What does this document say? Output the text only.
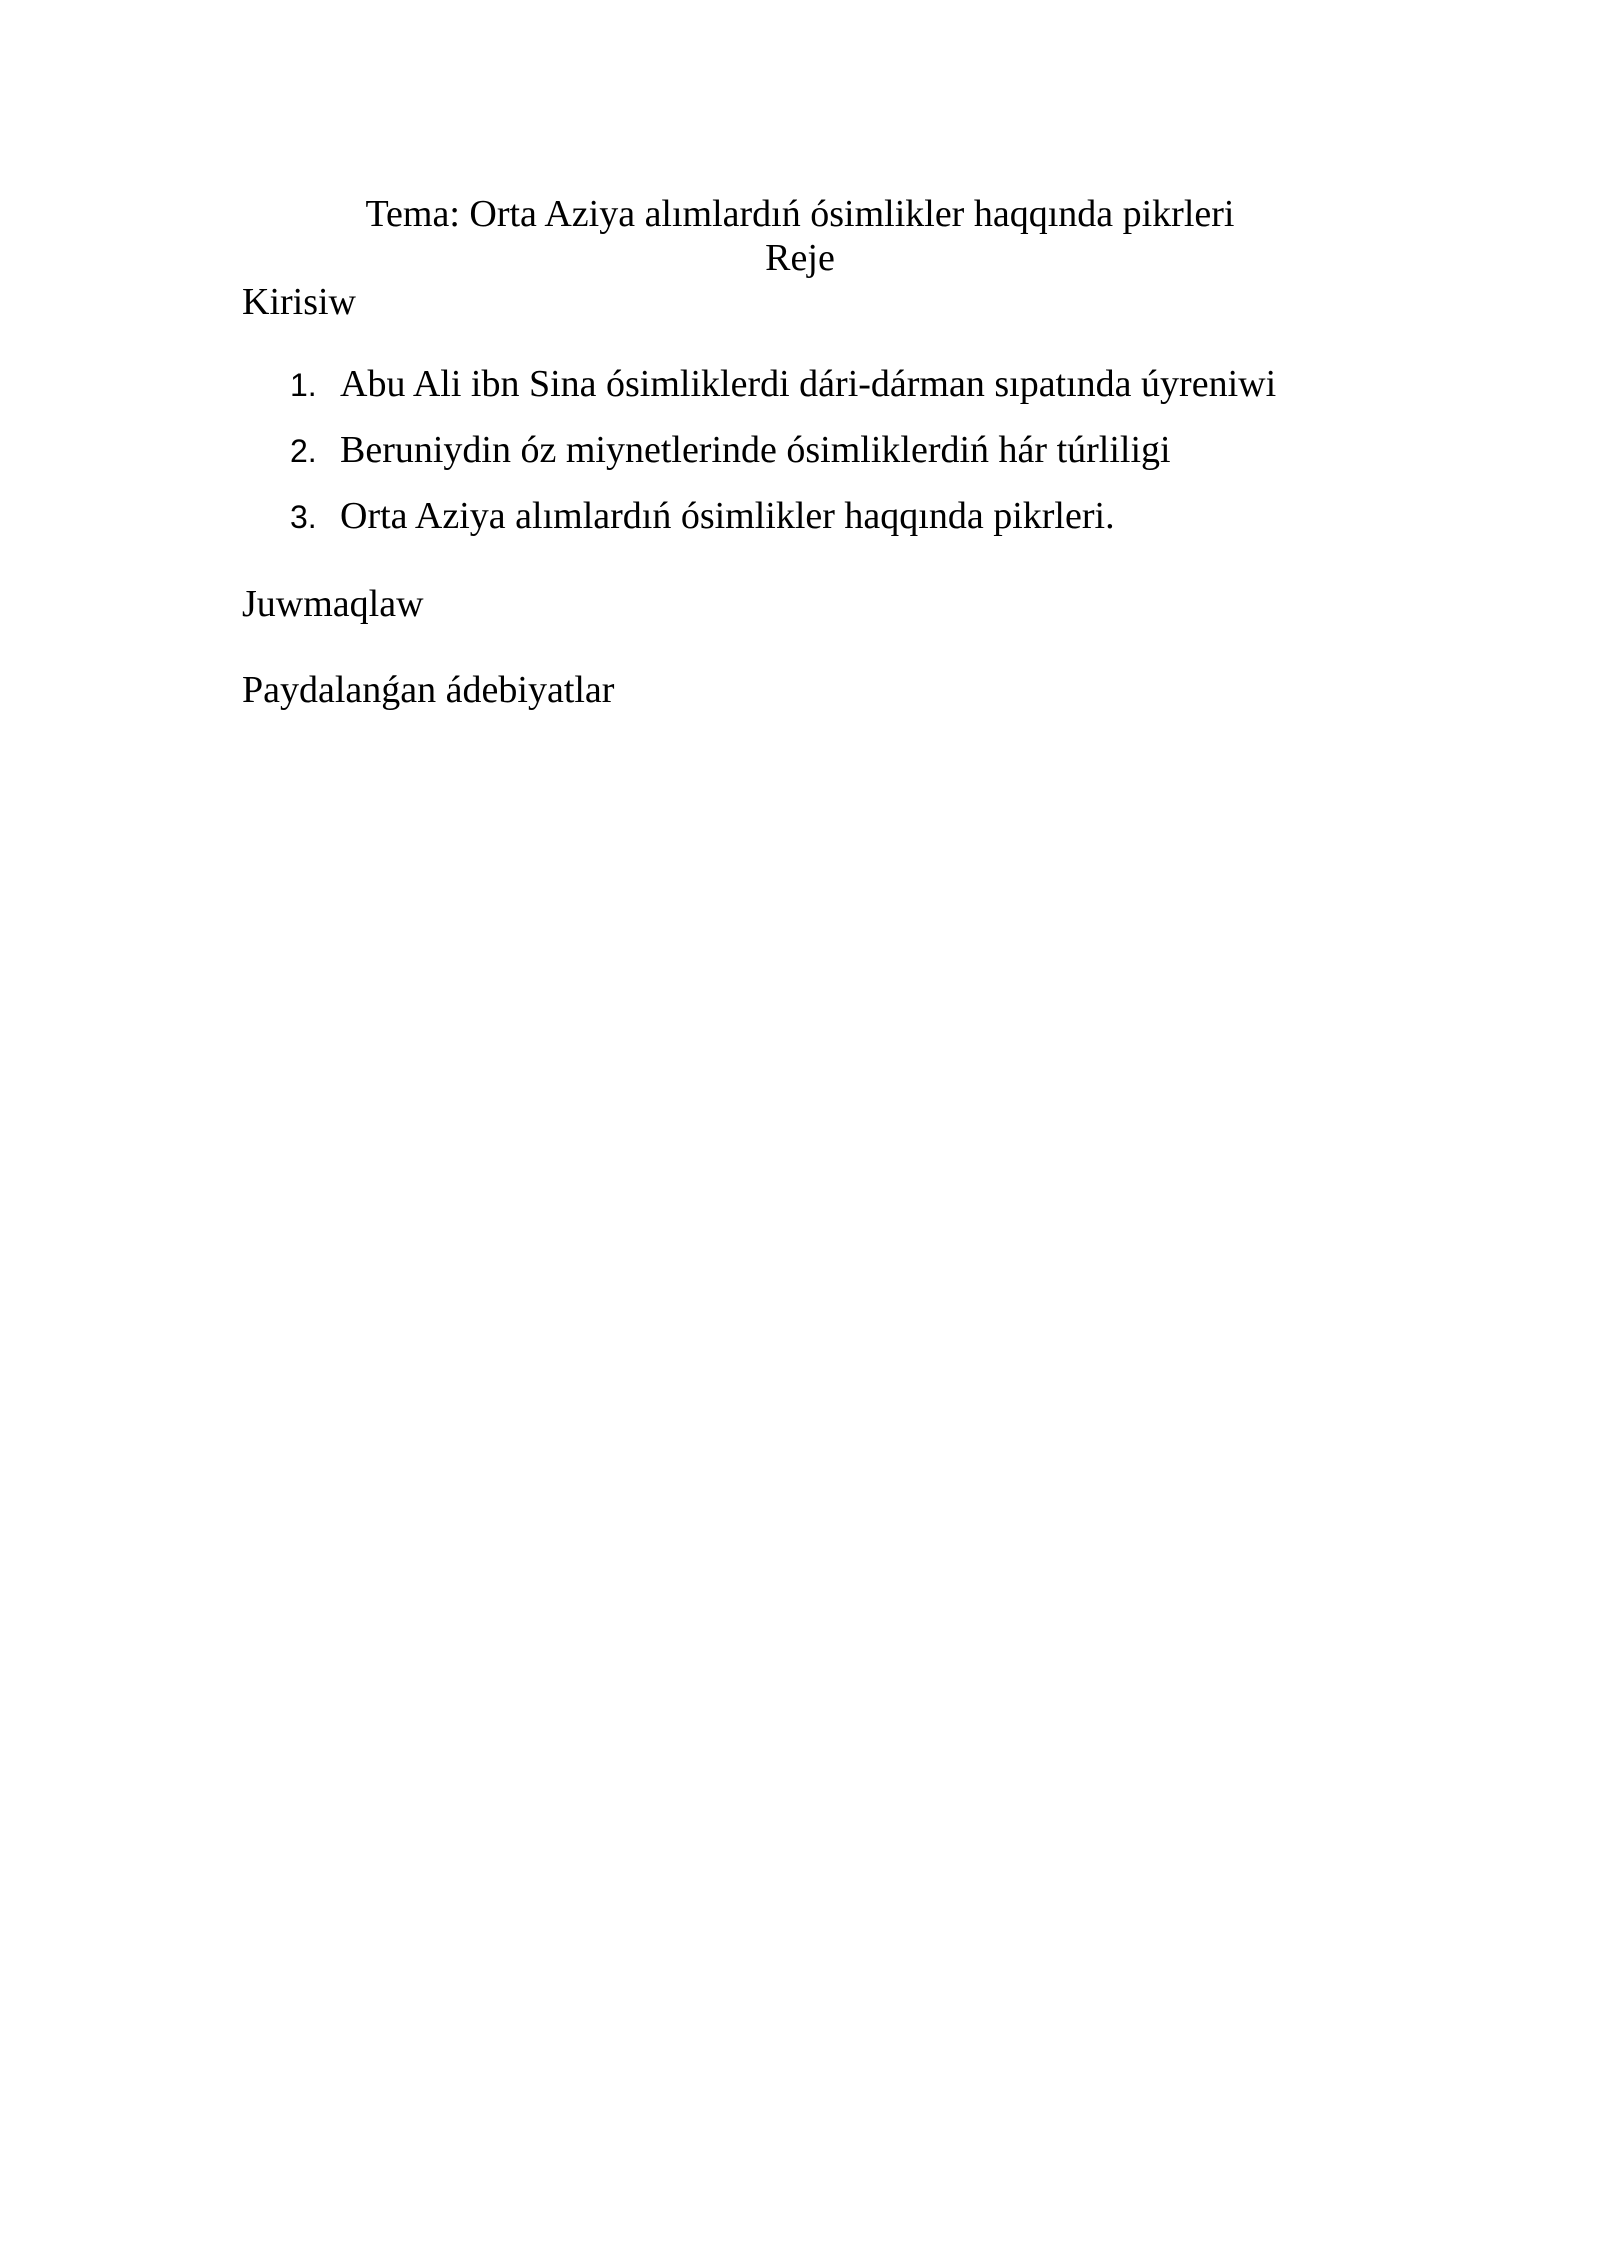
Tema: Orta Aziya alımlardıń ósimlikler haqqında pikrleri
Reje
Kirisiw
1. Abu Ali ibn Sina ósimliklerdi dári-dárman sıpatında úyreniwi
2. Beruniydin óz miynetlerinde ósimliklerdiń hár túrliligi
3. Orta Aziya alımlardıń ósimlikler haqqında pikrleri.
Juwmaqlaw
Paydalanǵan ádebiyatlar
